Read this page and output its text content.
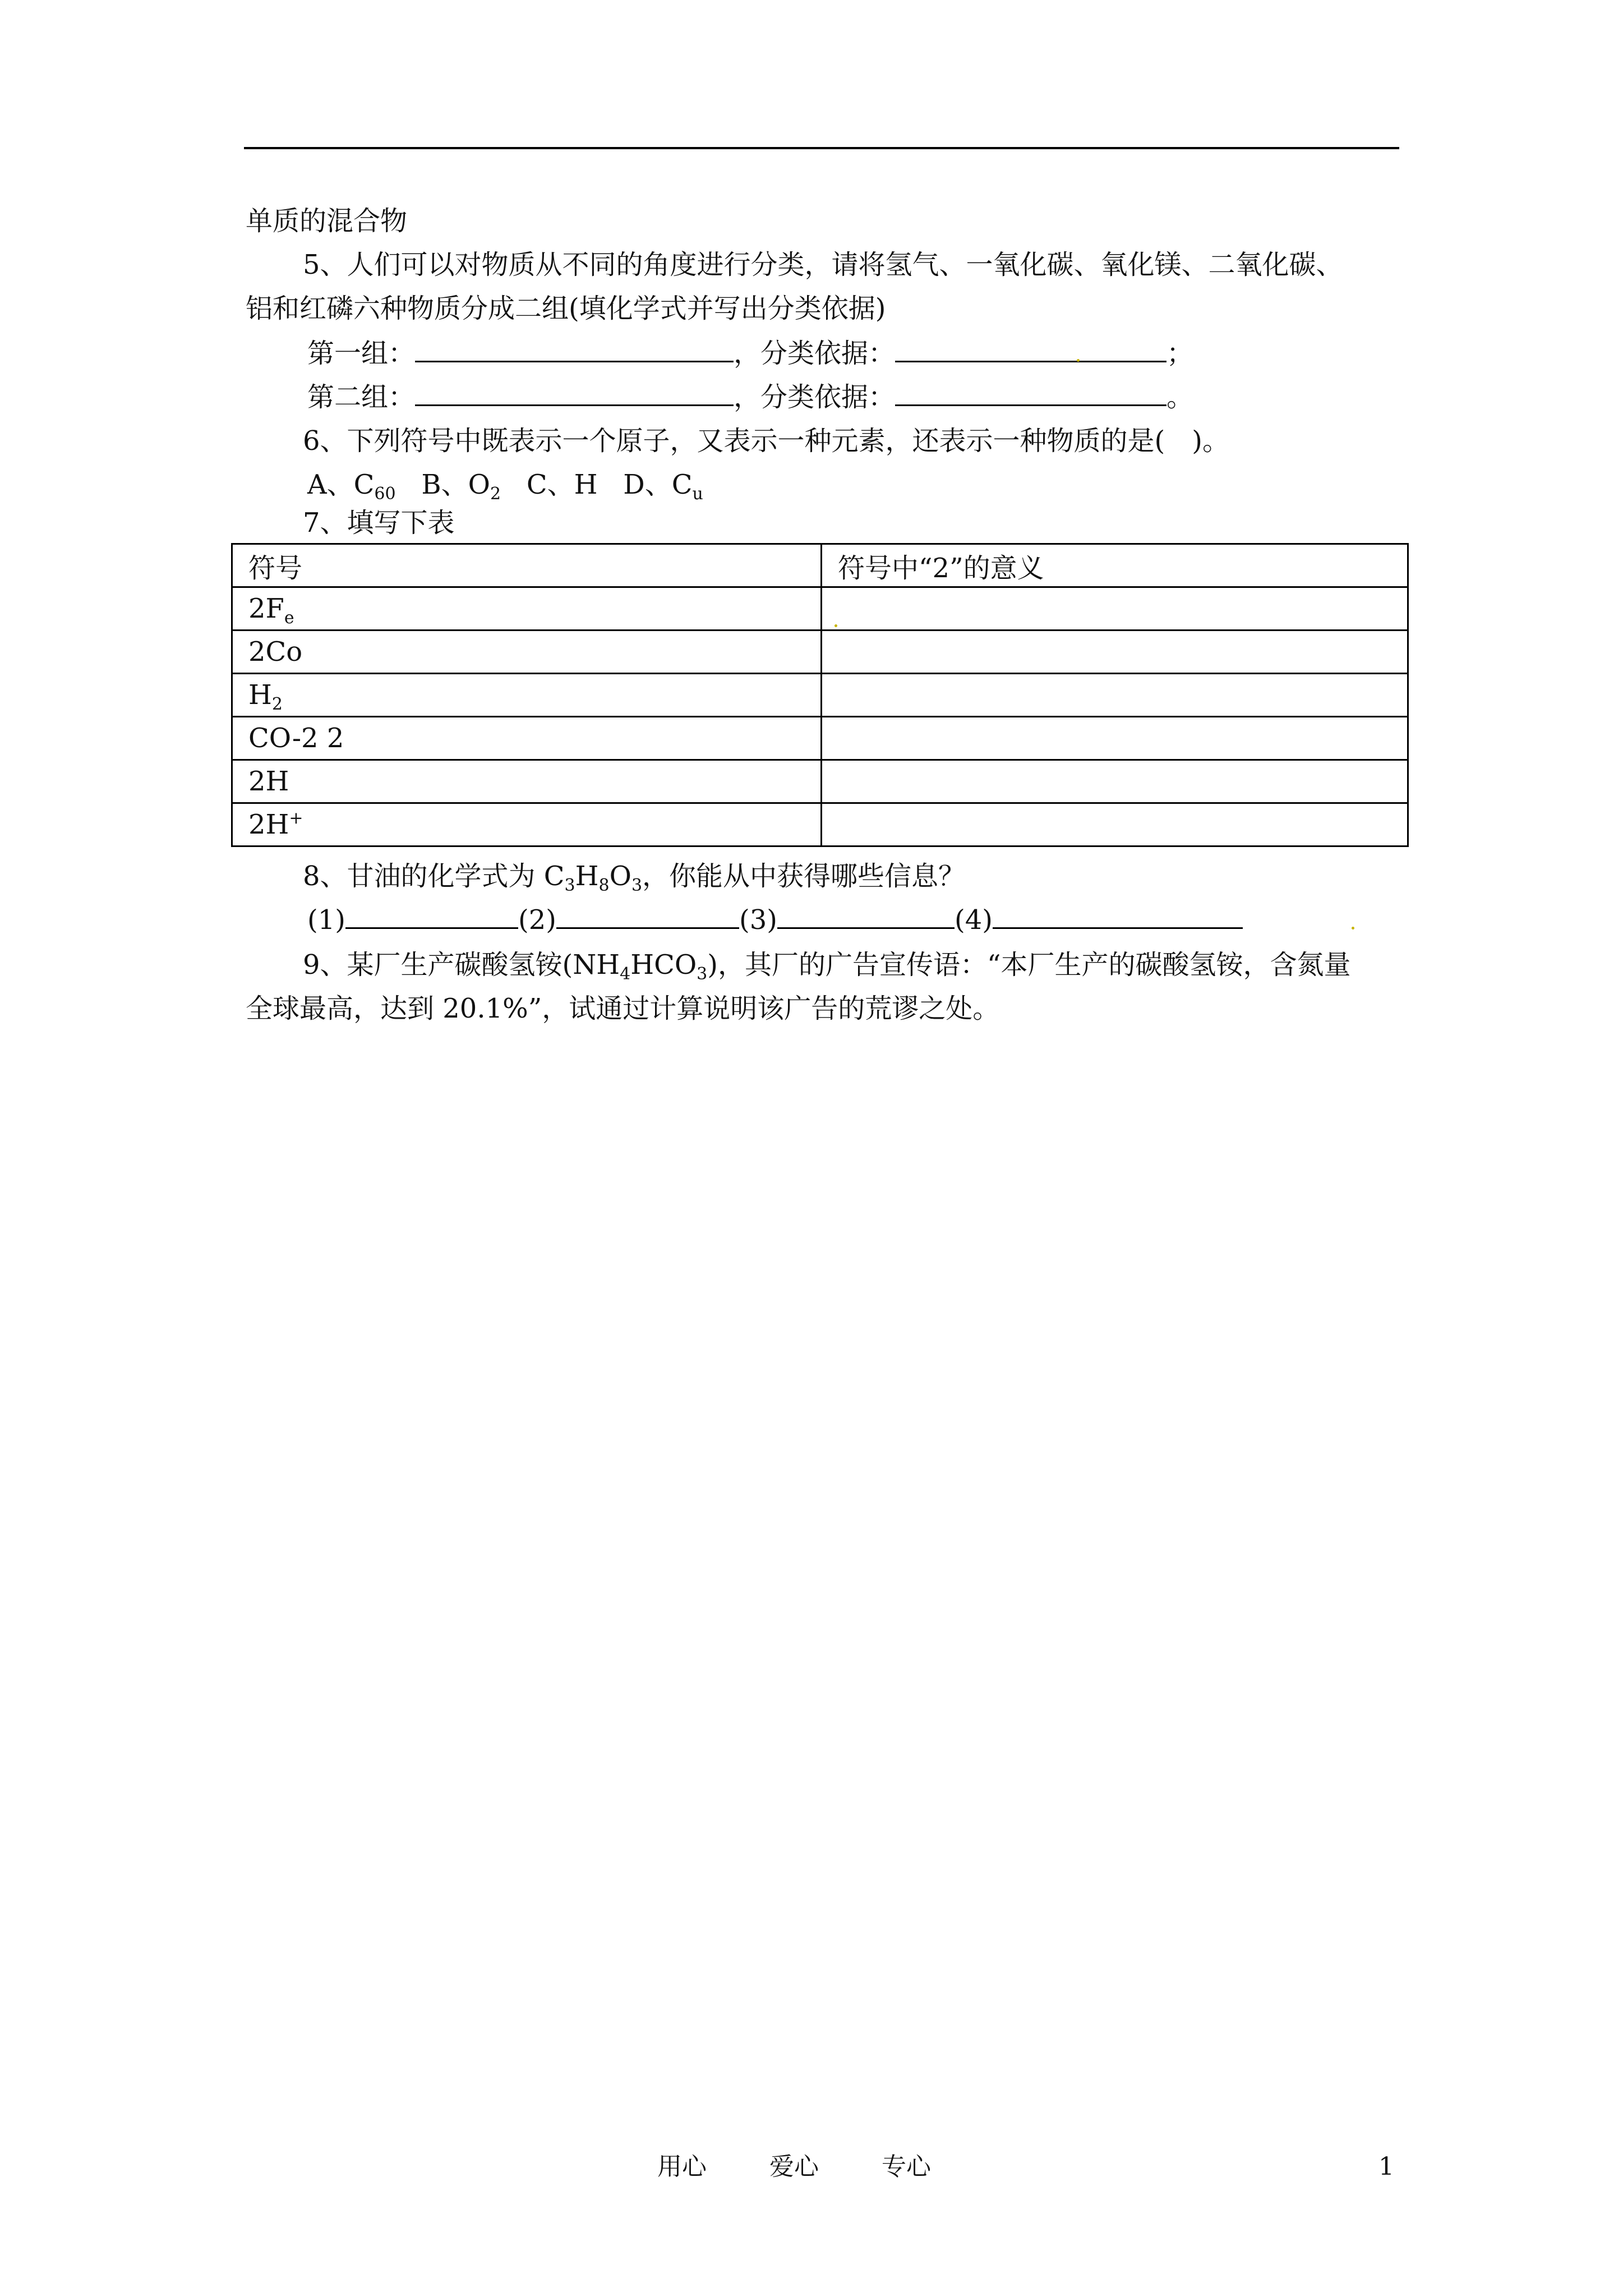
单质的混合物
5、人们可以对物质从不同的角度进行分类，请将氢气、一氧化碳、氧化镁、二氧化碳、
铝和红磷六种物质分成二组(填化学式并写出分类依据)
第一组：	，分类依据：	；
第二组：	，分类依据：	。
6、下列符号中既表示一个原子，又表示一种元素，还表示一种物质的是(　)。
A、$C_{60}$ B、$O_2$ C、H D、$C_u$
7、填写下表
符号	符号中“2”的意义
$2F_e$	
2Co	
$H_2$	
CO-2 2	
2H	
2H+	
8、甘油的化学式为 $C_3H_8O_3$，你能从中获得哪些信息？
(1)	(2)	(3)	(4)
9、某厂生产碳酸氢铵$(NH_4HCO_3)$，其厂的广告宣传语：“本厂生产的碳酸氢铵，含氮量
全球最高，达到 20.1%”，试通过计算说明该广告的荒谬之处。
用心	爱心	专心	1
